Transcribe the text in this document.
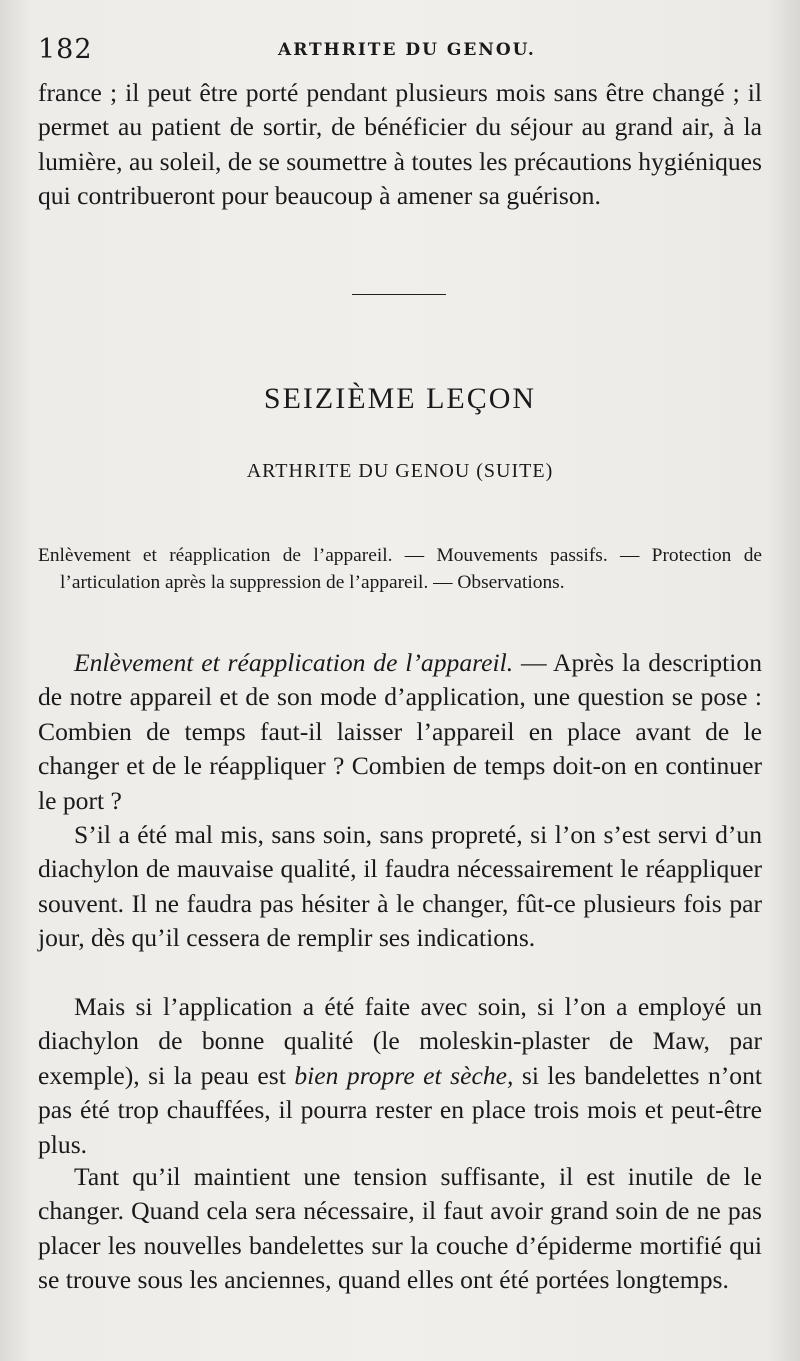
182	ARTHRITE DU GENOU.

france ; il peut être porté pendant plusieurs mois sans être changé ; il permet au patient de sortir, de bénéficier du séjour au grand air, à la lumière, au soleil, de se soumettre à toutes les précautions hygiéniques qui contribueront pour beaucoup à amener sa guérison.

SEIZIÈME LEÇON
ARTHRITE DU GENOU (SUITE)

Enlèvement et réapplication de l’appareil. — Mouvements passifs. — Protection de l’articulation après la suppression de l’appareil. — Observations.

Enlèvement et réapplication de l’appareil. — Après la description de notre appareil et de son mode d’application, une question se pose : Combien de temps faut-il laisser l’appareil en place avant de le changer et de le réappliquer ? Combien de temps doit-on en continuer le port ?

S’il a été mal mis, sans soin, sans propreté, si l’on s’est servi d’un diachylon de mauvaise qualité, il faudra nécessairement le réappliquer souvent. Il ne faudra pas hésiter à le changer, fût-ce plusieurs fois par jour, dès qu’il cessera de remplir ses indications.

Mais si l’application a été faite avec soin, si l’on a employé un diachylon de bonne qualité (le moleskin-plaster de Maw, par exemple), si la peau est bien propre et sèche, si les bandelettes n’ont pas été trop chauffées, il pourra rester en place trois mois et peut-être plus.

Tant qu’il maintient une tension suffisante, il est inutile de le changer. Quand cela sera nécessaire, il faut avoir grand soin de ne pas placer les nouvelles bandelettes sur la couche d’épiderme mortifié qui se trouve sous les anciennes, quand elles ont été portées longtemps.
